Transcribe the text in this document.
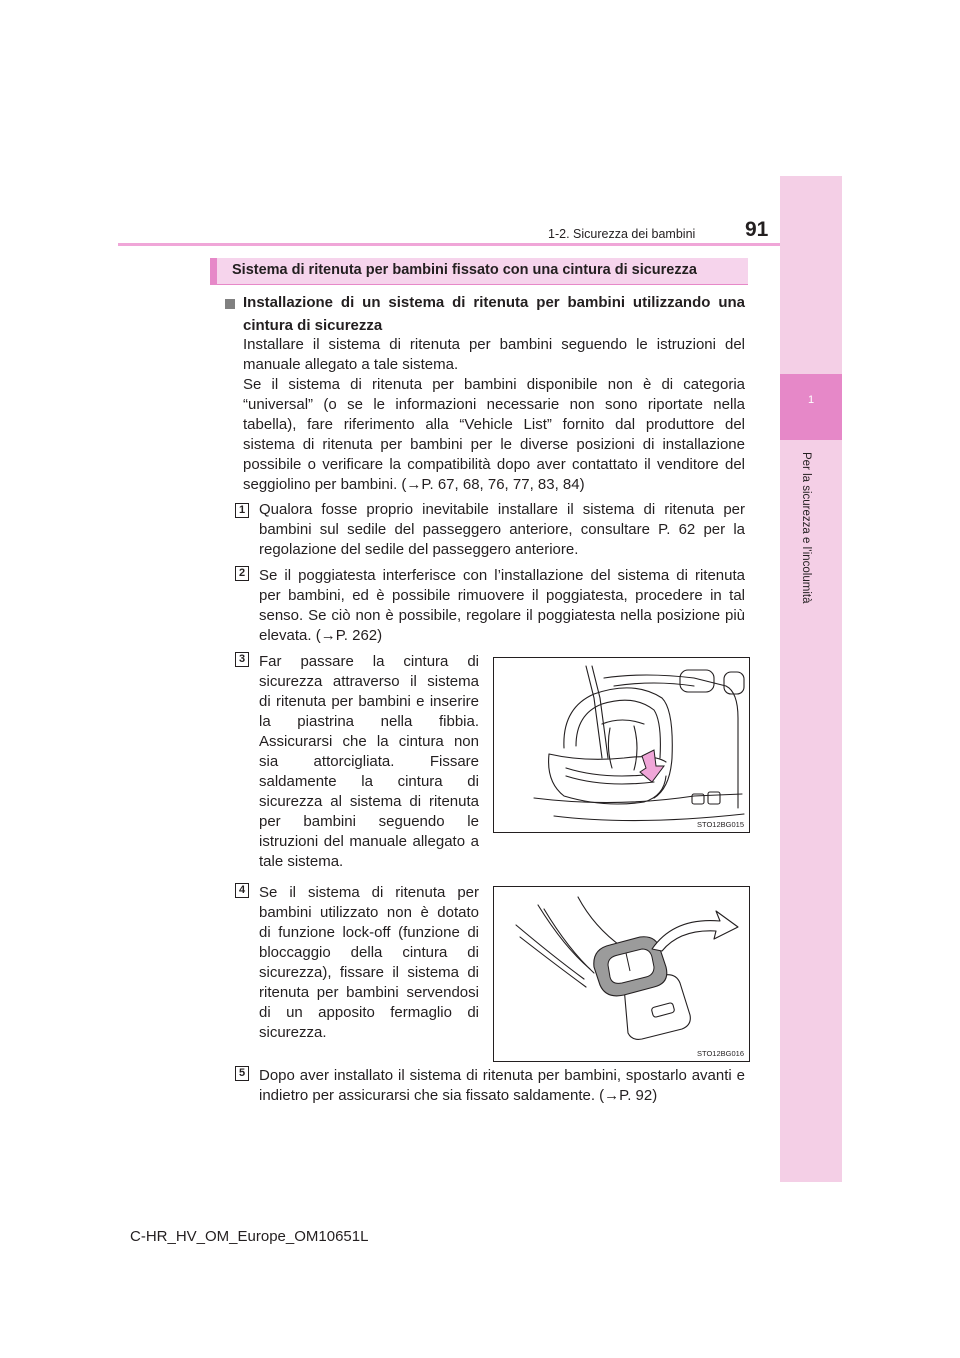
1
Per la sicurezza e l’incolumità
1-2. Sicurezza dei bambini 91
Sistema di ritenuta per bambini fissato con una cintura di sicurezza
Installazione di un sistema di ritenuta per bambini utilizzando una cintura di sicurezza
Installare il sistema di ritenuta per bambini seguendo le istruzioni del
manuale allegato a tale sistema.
Se il sistema di ritenuta per bambini disponibile non è di categoria
“universal” (o se le informazioni necessarie non sono riportate nella
tabella), fare riferimento alla “Vehicle List” fornito dal produttore del
sistema di ritenuta per bambini per le diverse posizioni di installazione
possibile o verificare la compatibilità dopo aver contattato il venditore del
seggiolino per bambini. (→P. 67, 68, 76, 77, 83, 84)
1 Qualora fosse proprio inevitabile installare il sistema di ritenuta per
bambini sul sedile del passeggero anteriore, consultare P. 62 per la
regolazione del sedile del passeggero anteriore.
2 Se il poggiatesta interferisce con l’installazione del sistema di ritenuta
per bambini, ed è possibile rimuovere il poggiatesta, procedere in tal
senso. Se ciò non è possibile, regolare il poggiatesta nella posizione più
elevata. (→P. 262)
3 Far passare la cintura di
sicurezza attraverso il sistema
di ritenuta per bambini e inserire
la piastrina nella fibbia.
Assicurarsi che la cintura non
sia attorcigliata. Fissare
saldamente la cintura di
sicurezza al sistema di ritenuta
per bambini seguendo le
istruzioni del manuale allegato a
tale sistema.
STO12BG015
4 Se il sistema di ritenuta per
bambini utilizzato non è dotato
di funzione lock-off (funzione di
bloccaggio della cintura di
sicurezza), fissare il sistema di
ritenuta per bambini servendosi
di un apposito fermaglio di
sicurezza.
STO12BG016
5 Dopo aver installato il sistema di ritenuta per bambini, spostarlo avanti e
indietro per assicurarsi che sia fissato saldamente. (→P. 92)
C-HR_HV_OM_Europe_OM10651L
